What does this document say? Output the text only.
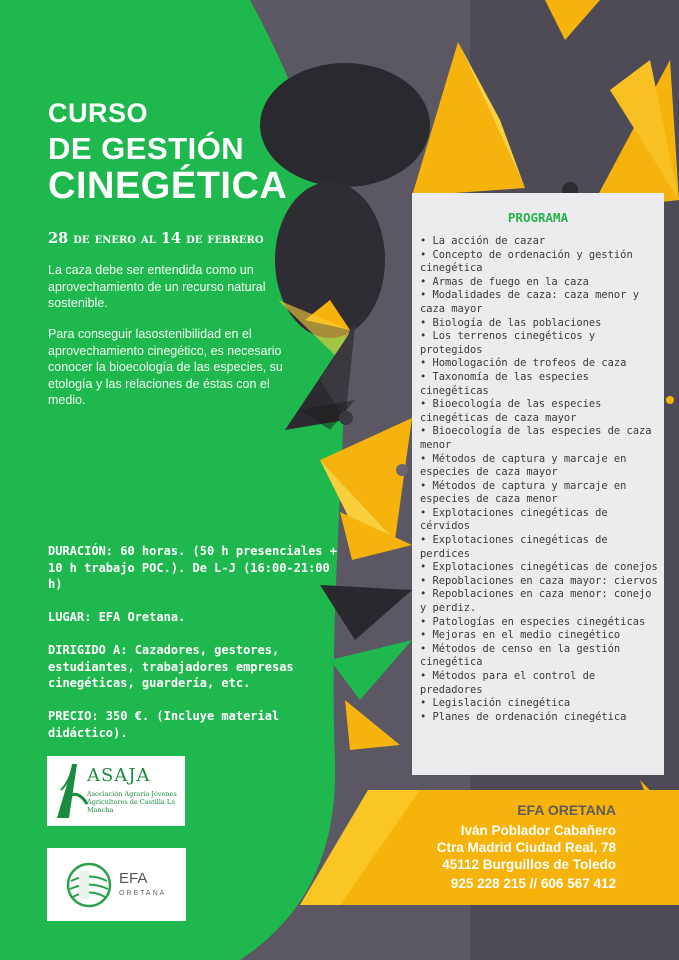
CURSO
DE GESTIÓN
CINEGÉTICA
28 de enero al 14 de febrero
La caza debe ser entendida como un aprovechamiento de un recurso natural sostenible.
Para conseguir lasostenibilidad en el aprovechamiento cinegético, es necesario conocer la bioecología de las especies, su etología y las relaciones de éstas con el medio.
DURACIÓN: 60 horas. (50 h presenciales + 10 h trabajo POC.). De L-J (16:00-21:00 h)
LUGAR: EFA Oretana.
DIRIGIDO A: Cazadores, gestores, estudiantes, trabajadores empresas cinegéticas, guardería, etc.
PRECIO: 350 €. (Incluye material didáctico).
PROGRAMA
• La acción de cazar
• Concepto de ordenación y gestión cinegética
• Armas de fuego en la caza
• Modalidades de caza: caza menor y caza mayor
• Biología de las poblaciones
• Los terrenos cinegéticos y protegidos
• Homologación de trofeos de caza
• Taxonomía de las especies cinegéticas
• Bioecología de las especies cinegéticas de caza mayor
• Bioecología de las especies de caza menor
• Métodos de captura y marcaje en especies de caza mayor
• Métodos de captura y marcaje en especies de caza menor
• Explotaciones cinegéticas de cérvidos
• Explotaciones cinegéticas de perdices
• Explotaciones cinegéticas de conejos
• Repoblaciones en caza mayor: ciervos
• Repoblaciones en caza menor: conejo y perdiz.
• Patologías en especies cinegéticas
• Mejoras en el medio cinegético
• Métodos de censo en la gestión cinegética
• Métodos para el control de predadores
• Legislación cinegética
• Planes de ordenación cinegética
EFA ORETANA
Iván Poblador Cabañero
Ctra Madrid Ciudad Real, 78
45112 Burguillos de Toledo
925 228 215 // 606 567 412
ASAJA
Asociación Agraria Jóvenes Agricultores de Castilla La Mancha
EFA
ORETANA
